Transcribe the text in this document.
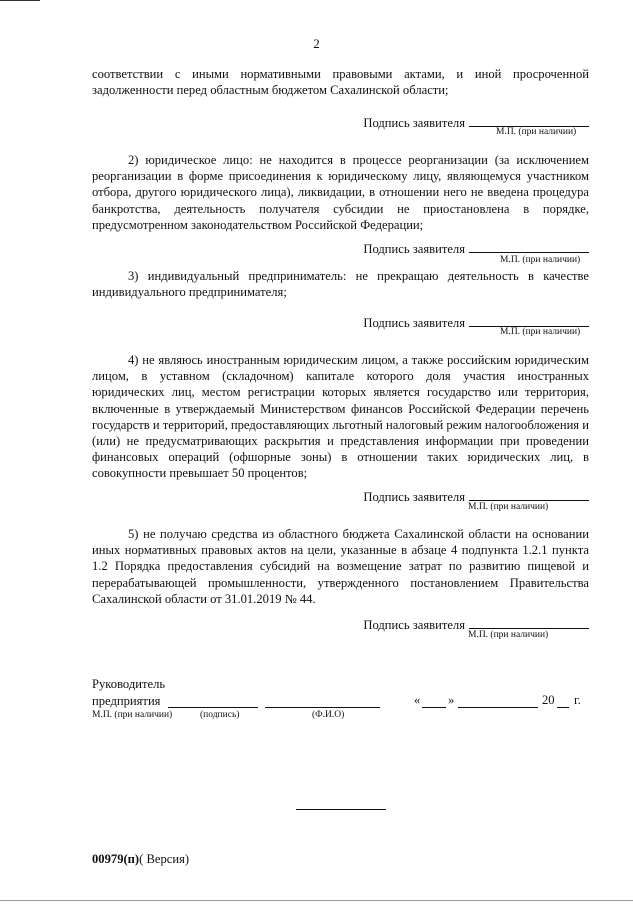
2
соответствии с иными нормативными правовыми актами, и иной просроченной задолженности перед областным бюджетом Сахалинской области;
Подпись заявителя
М.П. (при наличии)
2) юридическое лицо: не находится в процессе реорганизации (за исключением реорганизации в форме присоединения к юридическому лицу, являющемуся участником отбора, другого юридического лица), ликвидации, в отношении него не введена процедура банкротства, деятельность получателя субсидии не приостановлена в порядке, предусмотренном законодательством Российской Федерации;
Подпись заявителя
М.П. (при наличии)
3) индивидуальный предприниматель: не прекращаю деятельность в качестве индивидуального предпринимателя;
Подпись заявителя
М.П. (при наличии)
4) не являюсь иностранным юридическим лицом, а также российским юридическим лицом, в уставном (складочном) капитале которого доля участия иностранных юридических лиц, местом регистрации которых является государство или территория, включенные в утверждаемый Министерством финансов Российской Федерации перечень государств и территорий, предоставляющих льготный налоговый режим налогообложения и (или) не предусматривающих раскрытия и представления информации при проведении финансовых операций (офшорные зоны) в отношении таких юридических лиц, в совокупности превышает 50 процентов;
Подпись заявителя
М.П. (при наличии)
5) не получаю средства из областного бюджета Сахалинской области на основании иных нормативных правовых актов на цели, указанные в абзаце 4 подпункта 1.2.1 пункта 1.2 Порядка предоставления субсидий на возмещение затрат по развитию пищевой и перерабатывающей промышленности, утвержденного постановлением Правительства Сахалинской области от 31.01.2019 № 44.
Подпись заявителя
М.П. (при наличии)
Руководитель
предприятия	« »	20 г.
М.П. (при наличии)	(подпись)	(Ф.И.О)
00979(п)( Версия)
